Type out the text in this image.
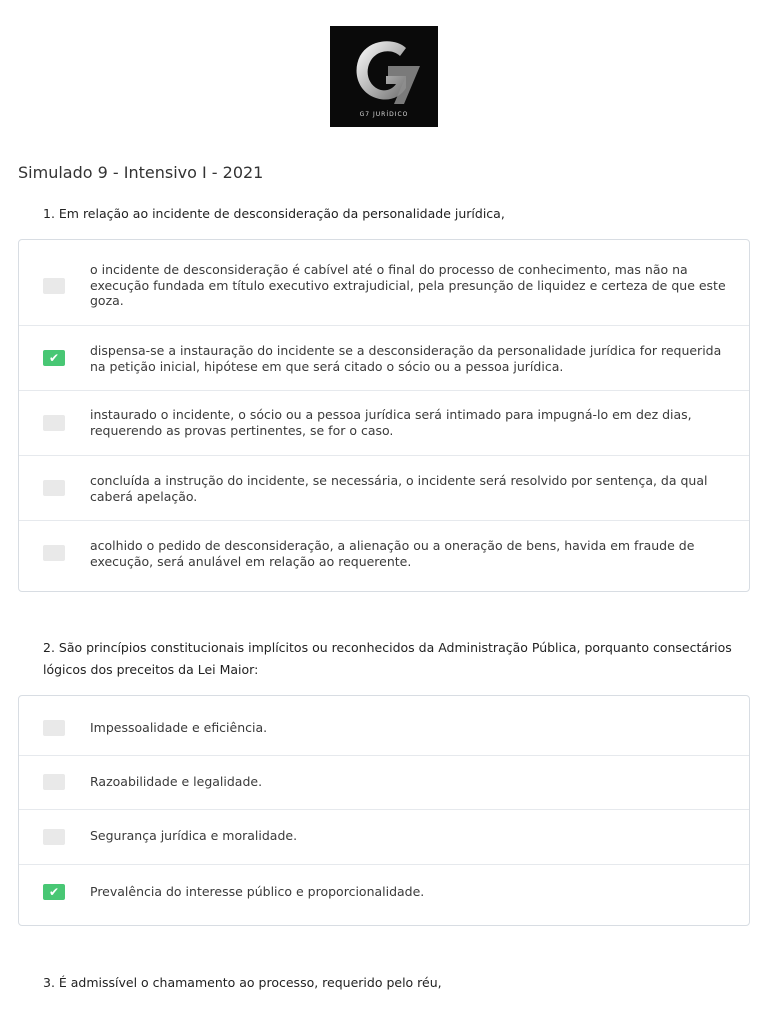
G7 JURÍDICO
Simulado 9 - Intensivo I - 2021
1. Em relação ao incidente de desconsideração da personalidade jurídica,
o incidente de desconsideração é cabível até o final do processo de conhecimento, mas não na execução fundada em título executivo extrajudicial, pela presunção de liquidez e certeza de que este goza.
✔	dispensa-se a instauração do incidente se a desconsideração da personalidade jurídica for requerida na petição inicial, hipótese em que será citado o sócio ou a pessoa jurídica.
instaurado o incidente, o sócio ou a pessoa jurídica será intimado para impugná-lo em dez dias, requerendo as provas pertinentes, se for o caso.
concluída a instrução do incidente, se necessária, o incidente será resolvido por sentença, da qual caberá apelação.
acolhido o pedido de desconsideração, a alienação ou a oneração de bens, havida em fraude de execução, será anulável em relação ao requerente.
2. São princípios constitucionais implícitos ou reconhecidos da Administração Pública, porquanto consectários lógicos dos preceitos da Lei Maior:
Impessoalidade e eficiência.
Razoabilidade e legalidade.
Segurança jurídica e moralidade.
✔	Prevalência do interesse público e proporcionalidade.
3. É admissível o chamamento ao processo, requerido pelo réu,
